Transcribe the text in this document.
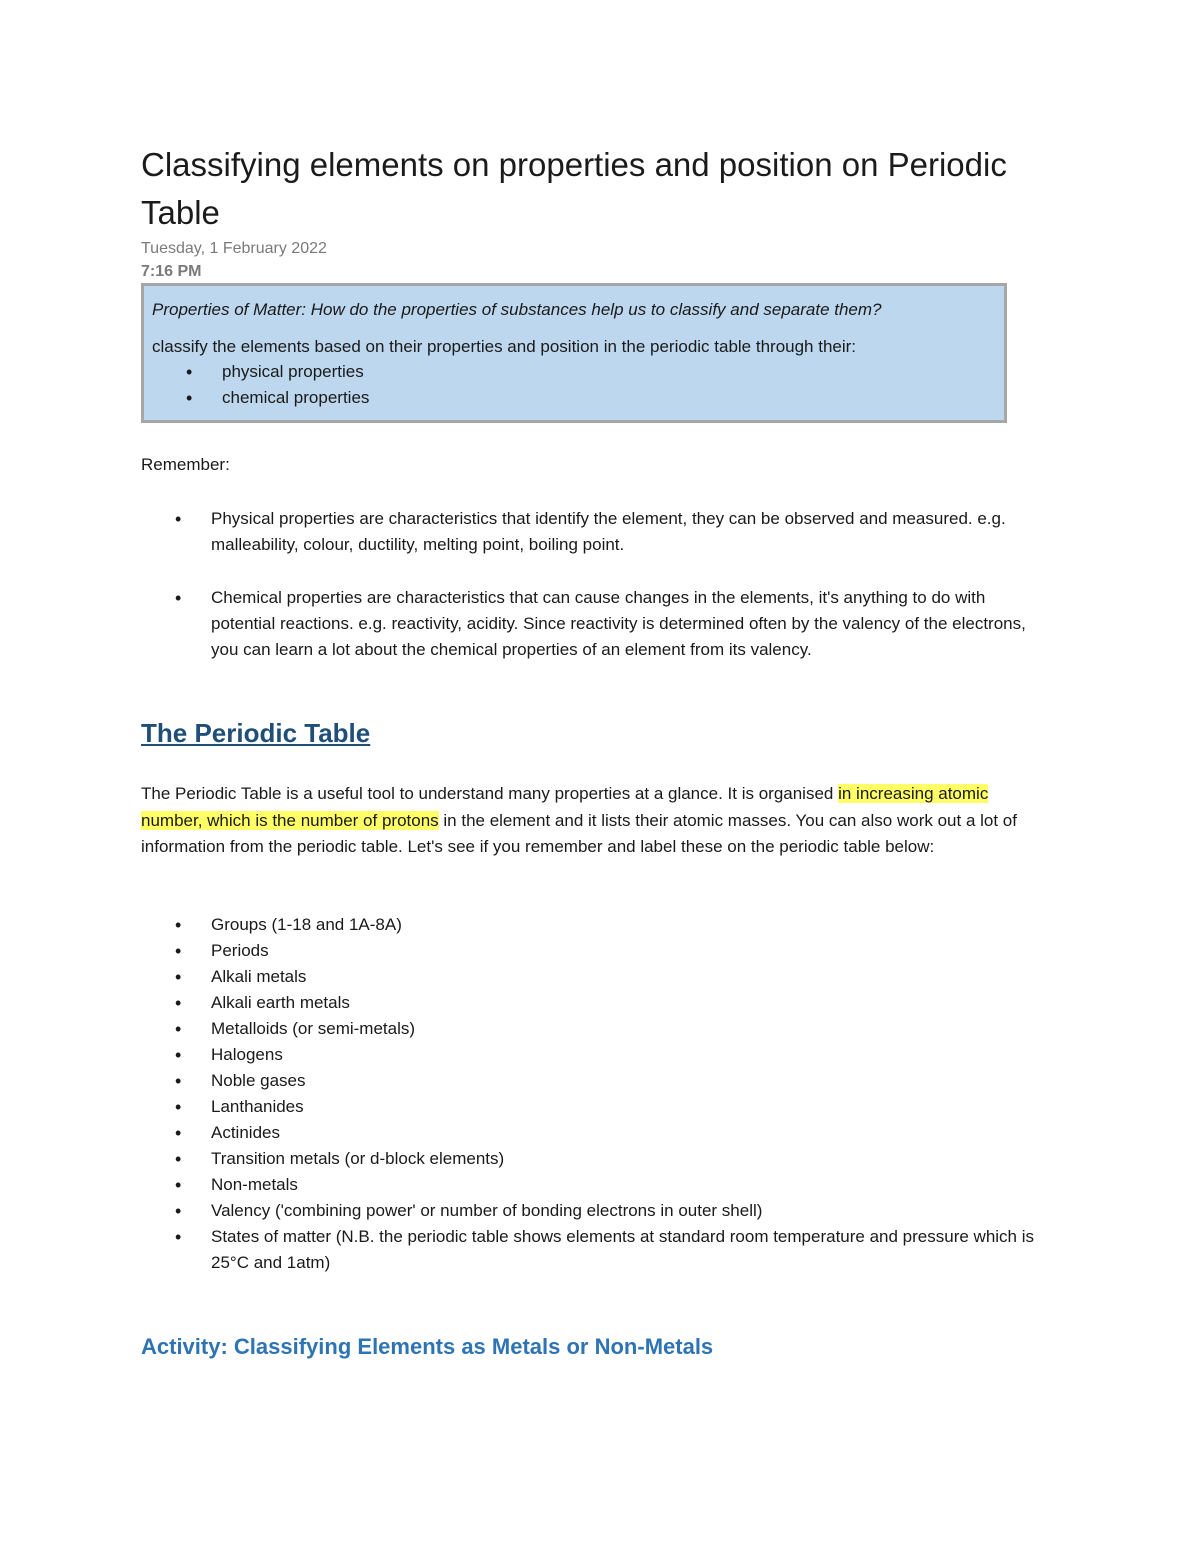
Classifying elements on properties and position on Periodic Table
Tuesday, 1 February 2022
7:16 PM

Properties of Matter: How do the properties of substances help us to classify and separate them?

classify the elements based on their properties and position in the periodic table through their:

• physical properties
• chemical properties

Remember:

• Physical properties are characteristics that identify the element, they can be observed and measured. e.g. malleability, colour, ductility, melting point, boiling point.
• Chemical properties are characteristics that can cause changes in the elements, it's anything to do with potential reactions. e.g. reactivity, acidity. Since reactivity is determined often by the valency of the electrons, you can learn a lot about the chemical properties of an element from its valency.
The Periodic Table

The Periodic Table is a useful tool to understand many properties at a glance. It is organised in increasing atomic number, which is the number of protons in the element and it lists their atomic masses. You can also work out a lot of information from the periodic table. Let's see if you remember and label these on the periodic table below:

• Groups (1-18 and 1A-8A)
• Periods
• Alkali metals
• Alkali earth metals
• Metalloids (or semi-metals)
• Halogens
• Noble gases
• Lanthanides
• Actinides
• Transition metals (or d-block elements)
• Non-metals
• Valency ('combining power' or number of bonding electrons in outer shell)
• States of matter (N.B. the periodic table shows elements at standard room temperature and pressure which is 25°C and 1atm)
Activity: Classifying Elements as Metals or Non-Metals
